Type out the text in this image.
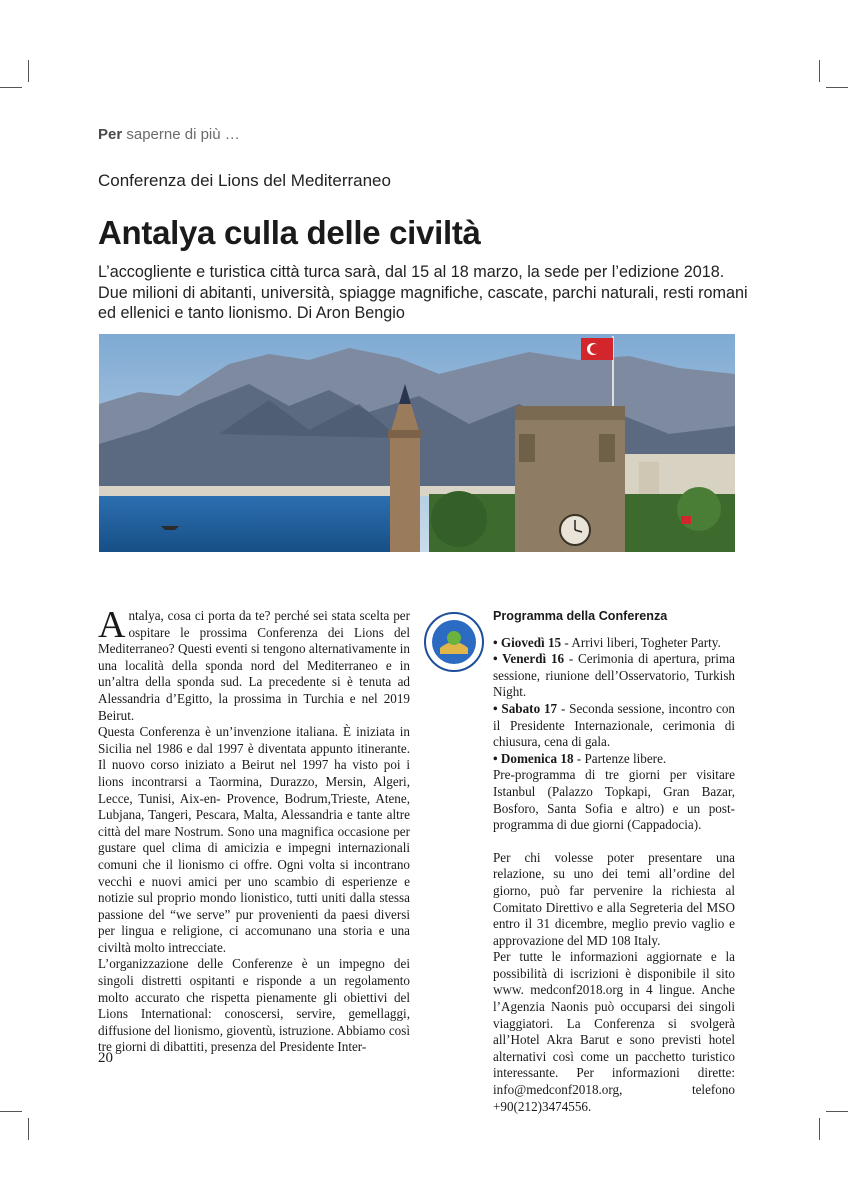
Per saperne di più …
Conferenza dei Lions del Mediterraneo
Antalya culla delle civiltà

L’accogliente e turistica città turca sarà, dal 15 al 18 marzo, la sede per l’edizione 2018. Due milioni di abitanti, università, spiagge magnifiche, cascate, parchi naturali, resti romani ed ellenici e tanto lionismo. Di Aron Bengio

Antalya, cosa ci porta da te? perché sei stata scelta per ospitare le prossima Conferenza dei Lions del Mediterraneo? Questi eventi si tengono alternativamente in una località della sponda nord del Mediterraneo e in un’altra della sponda sud. La precedente si è tenuta ad Alessandria d’Egitto, la prossima in Turchia e nel 2019 Beirut.

Questa Conferenza è un’invenzione italiana. È iniziata in Sicilia nel 1986 e dal 1997 è diventata appunto itinerante. Il nuovo corso iniziato a Beirut nel 1997 ha visto poi i lions incontrarsi a Taormina, Durazzo, Mersin, Algeri, Lecce, Tunisi, Aix-en- Provence, Bodrum,Trieste, Atene, Lubjana, Tangeri, Pescara, Malta, Alessandria e tante altre città del mare Nostrum. Sono una magnifica occasione per gustare quel clima di amicizia e impegni internazionali comuni che il lionismo ci offre. Ogni volta si incontrano vecchi e nuovi amici per uno scambio di esperienze e notizie sul proprio mondo lionistico, tutti uniti dalla stessa passione del “we serve” pur provenienti da paesi diversi per lingua e religione, ci accomunano una storia e una civiltà molto intrecciate.

L’organizzazione delle Conferenze è un impegno dei singoli distretti ospitanti e risponde a un regolamento molto accurato che rispetta pienamente gli obiettivi del Lions International: conoscersi, servire, gemellaggi, diffusione del lionismo, gioventù, istruzione. Abbiamo così tre giorni di dibattiti, presenza del Presidente Inter-

Programma della Conferenza

• Giovedì 15 - Arrivi liberi, Togheter Party.

• Venerdì 16 - Cerimonia di apertura, prima sessione, riunione dell’Osservatorio, Turkish Night.

• Sabato 17 - Seconda sessione, incontro con il Presidente Internazionale, cerimonia di chiusura, cena di gala.

• Domenica 18 - Partenze libere.

Pre-programma di tre giorni per visitare Istanbul (Palazzo Topkapi, Gran Bazar, Bosforo, Santa Sofia e altro) e un post-programma di due giorni (Cappadocia).

Per chi volesse poter presentare una relazione, su uno dei temi all’ordine del giorno, può far pervenire la richiesta al Comitato Direttivo e alla Segreteria del MSO entro il 31 dicembre, meglio previo vaglio e approvazione del MD 108 Italy.

Per tutte le informazioni aggiornate e la possibilità di iscrizioni è disponibile il sito www. medconf2018.org in 4 lingue. Anche l’Agenzia Naonis può occuparsi dei singoli viaggiatori. La Conferenza si svolgerà all’Hotel Akra Barut e sono previsti hotel alternativi così come un pacchetto turistico interessante. Per informazioni dirette: info@medconf2018.org, telefono +90(212)3474556.

20
